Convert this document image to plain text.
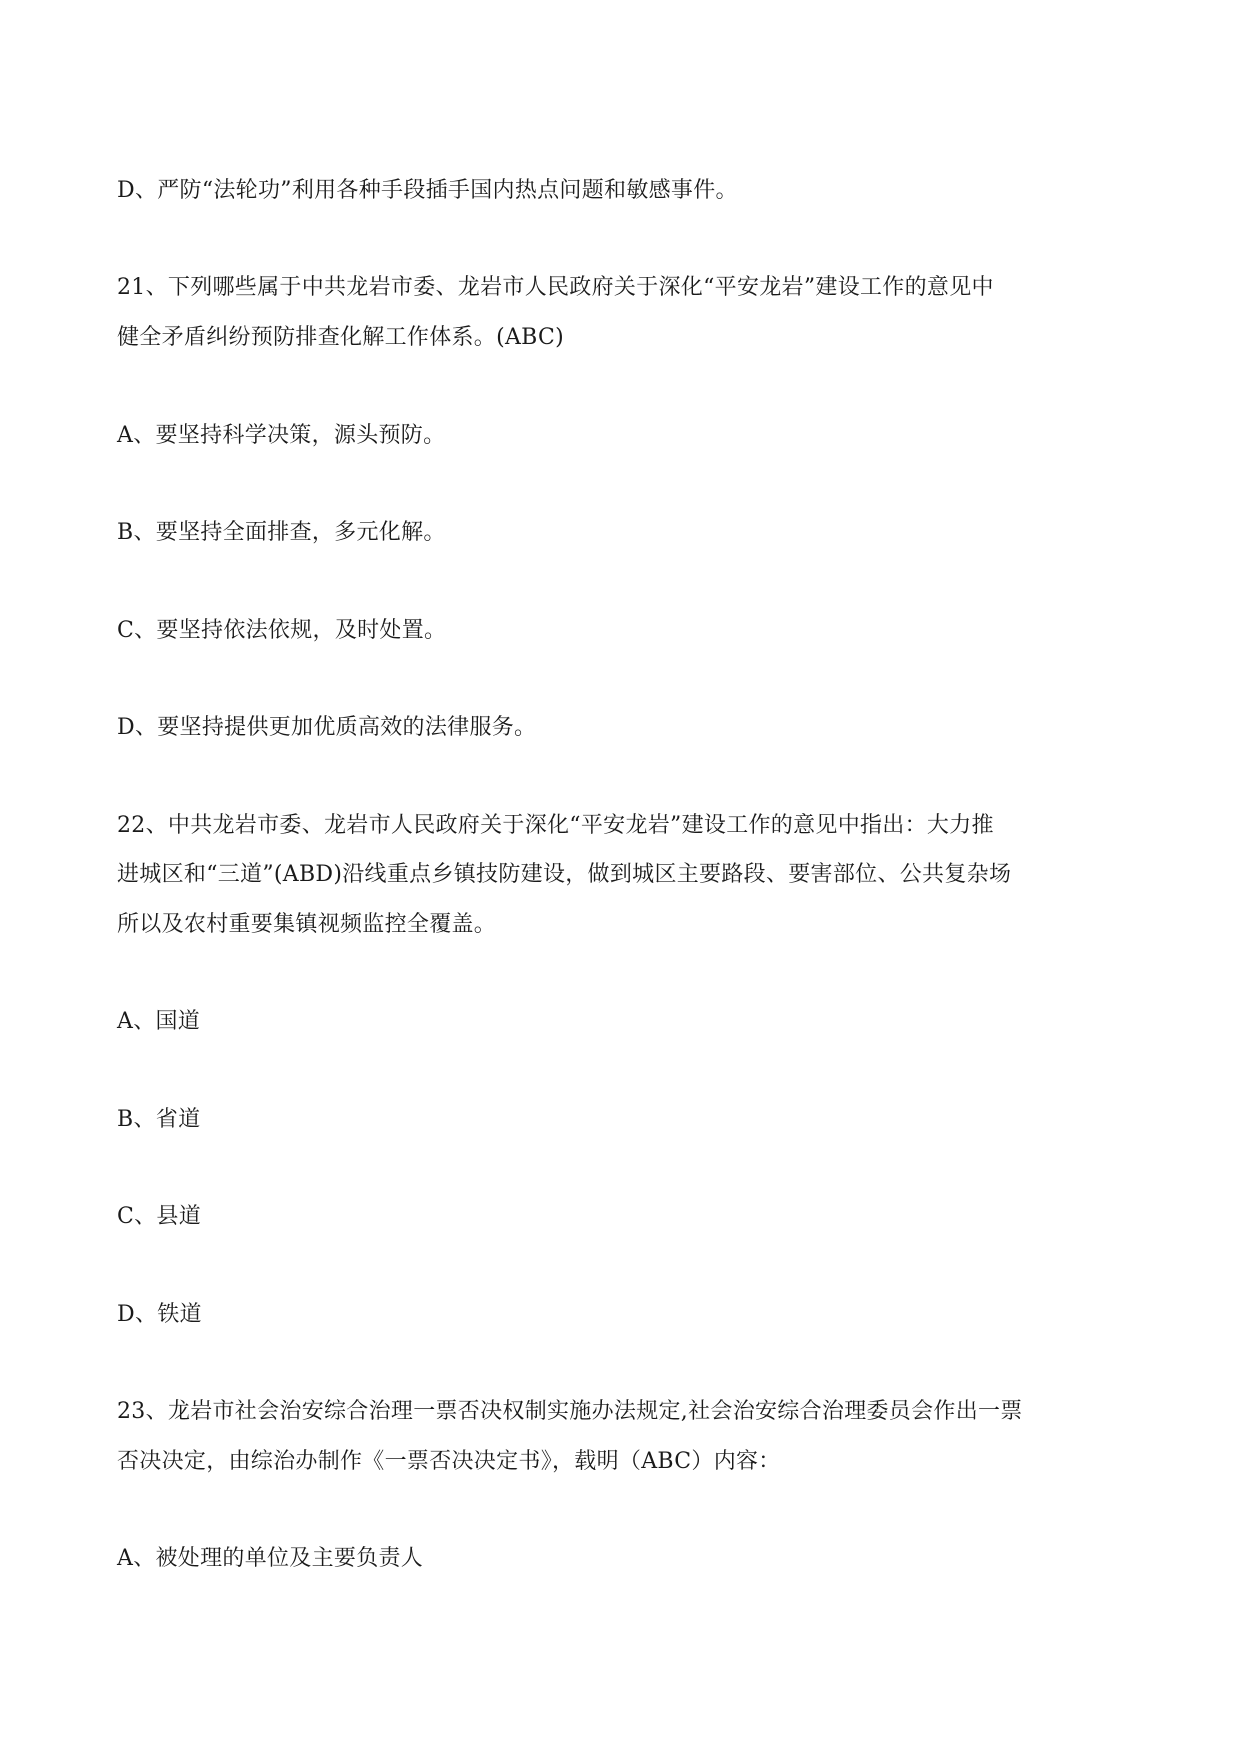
D、严防“法轮功”利用各种手段插手国内热点问题和敏感事件。
21、下列哪些属于中共龙岩市委、龙岩市人民政府关于深化“平安龙岩”建设工作的意见中
健全矛盾纠纷预防排查化解工作体系。(ABC)
A、要坚持科学决策，源头预防。
B、要坚持全面排查，多元化解。
C、要坚持依法依规，及时处置。
D、要坚持提供更加优质高效的法律服务。
22、中共龙岩市委、龙岩市人民政府关于深化“平安龙岩”建设工作的意见中指出：大力推
进城区和“三道”(ABD)沿线重点乡镇技防建设，做到城区主要路段、要害部位、公共复杂场
所以及农村重要集镇视频监控全覆盖。
A、国道
B、省道
C、县道
D、铁道
23、龙岩市社会治安综合治理一票否决权制实施办法规定,社会治安综合治理委员会作出一票
否决决定，由综治办制作《一票否决决定书》，载明（ABC）内容：
A、被处理的单位及主要负责人
